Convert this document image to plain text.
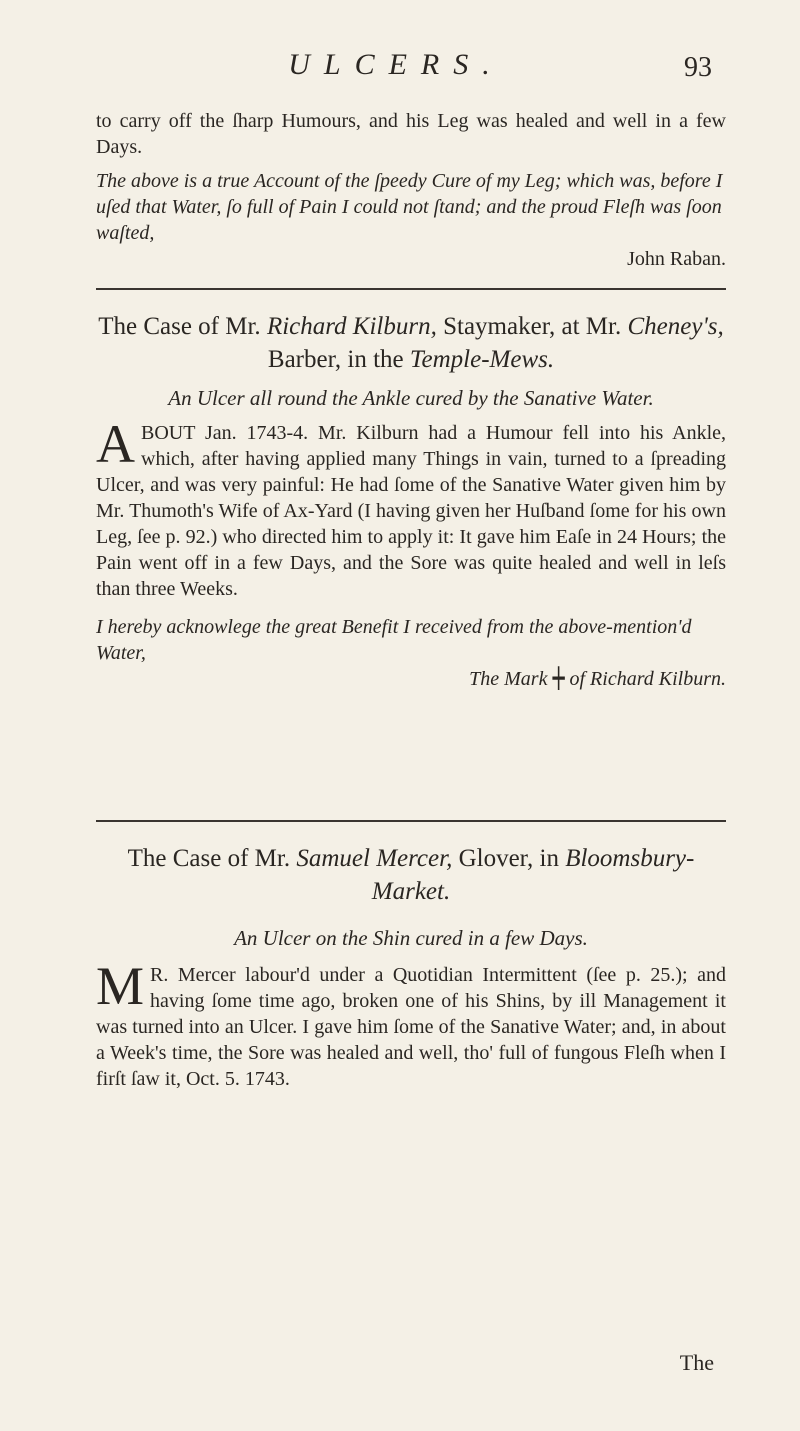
ULCERS.	93

to carry off the ſharp Humours, and his Leg was healed and well in a few Days.

The above is a true Account of the ſpeedy Cure of my Leg; which was, before I uſed that Water, ſo full of Pain I could not ſtand; and the proud Fleſh was ſoon waſted,

John Raban.

The Case of Mr. Richard Kilburn, Staymaker, at Mr. Cheney's, Barber, in the Temple-Mews.

An Ulcer all round the Ankle cured by the Sanative Water.

ABOUT Jan. 1743-4. Mr. Kilburn had a Humour fell into his Ankle, which, after having applied many Things in vain, turned to a ſpreading Ulcer, and was very painful: He had ſome of the Sanative Water given him by Mr. Thumoth's Wife of Ax-Yard (I having given her Huſband ſome for his own Leg, ſee p. 92.) who directed him to apply it: It gave him Eaſe in 24 Hours; the Pain went off in a few Days, and the Sore was quite healed and well in leſs than three Weeks.

I hereby acknowlege the great Benefit I received from the above-mention'd Water,

The Mark ┿ of Richard Kilburn.

The Case of Mr. Samuel Mercer, Glover, in Bloomsbury-Market.

An Ulcer on the Shin cured in a few Days.

M R. Mercer labour'd under a Quotidian Intermittent (ſee p. 25.); and having ſome time ago, broken one of his Shins, by ill Management it was turned into an Ulcer. I gave him ſome of the Sanative Water; and, in about a Week's time, the Sore was healed and well, tho' full of fungous Fleſh when I firſt ſaw it, Oct. 5. 1743.

The
